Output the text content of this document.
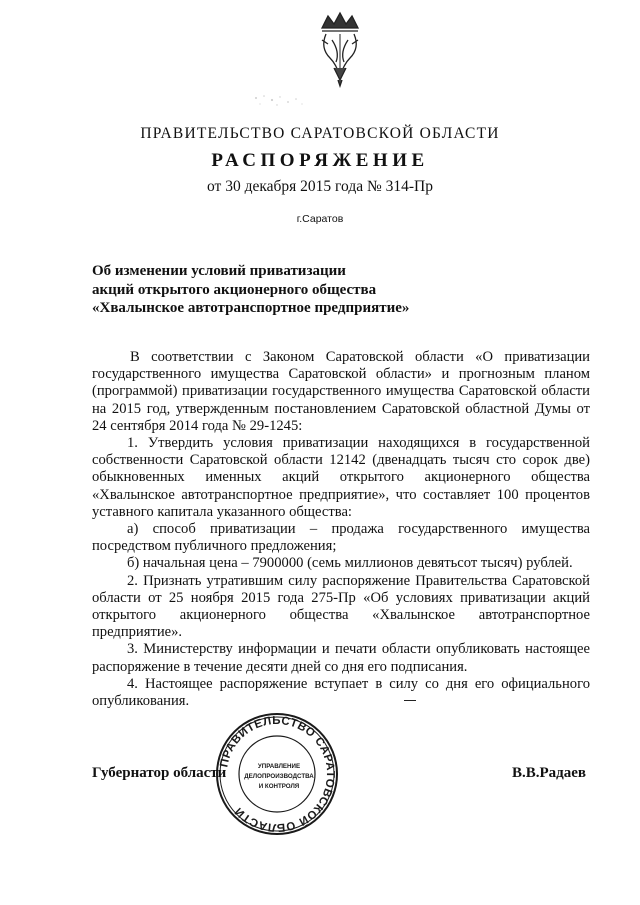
ПРАВИТЕЛЬСТВО САРАТОВСКОЙ ОБЛАСТИ
РАСПОРЯЖЕНИЕ
от 30 декабря 2015 года № 314-Пр
г.Саратов
Об изменении условий приватизации
акций открытого акционерного общества
«Хвалынское автотранспортное предприятие»

В соответствии с Законом Саратовской области «О приватизации государственного имущества Саратовской области» и прогнозным планом (программой) приватизации государственного имущества Саратовской области на 2015 год, утвержденным постановлением Саратовской областной Думы от 24 сентября 2014 года № 29-1245:

1. Утвердить условия приватизации находящихся в государственной собственности Саратовской области 12142 (двенадцать тысяч сто сорок две) обыкновенных именных акций открытого акционерного общества «Хвалынское автотранспортное предприятие», что составляет 100 процентов уставного капитала указанного общества:

а) способ приватизации – продажа государственного имущества посредством публичного предложения;

б) начальная цена – 7900000 (семь миллионов девятьсот тысяч) рублей.

2. Признать утратившим силу распоряжение Правительства Саратовской области от 25 ноября 2015 года 275-Пр «Об условиях приватизации акций открытого акционерного общества «Хвалынское автотранспортное предприятие».

3. Министерству информации и печати области опубликовать настоящее распоряжение в течение десяти дней со дня его подписания.

4. Настоящее распоряжение вступает в силу со дня его официального опубликования.

ПРАВИТЕЛЬСТВО САРАТОВСКОЙ ОБЛАСТИ
УПРАВЛЕНИЕ
ДЕЛОПРОИЗВОДСТВА
И КОНТРОЛЯ
Губернатор области	В.В.Радаев
